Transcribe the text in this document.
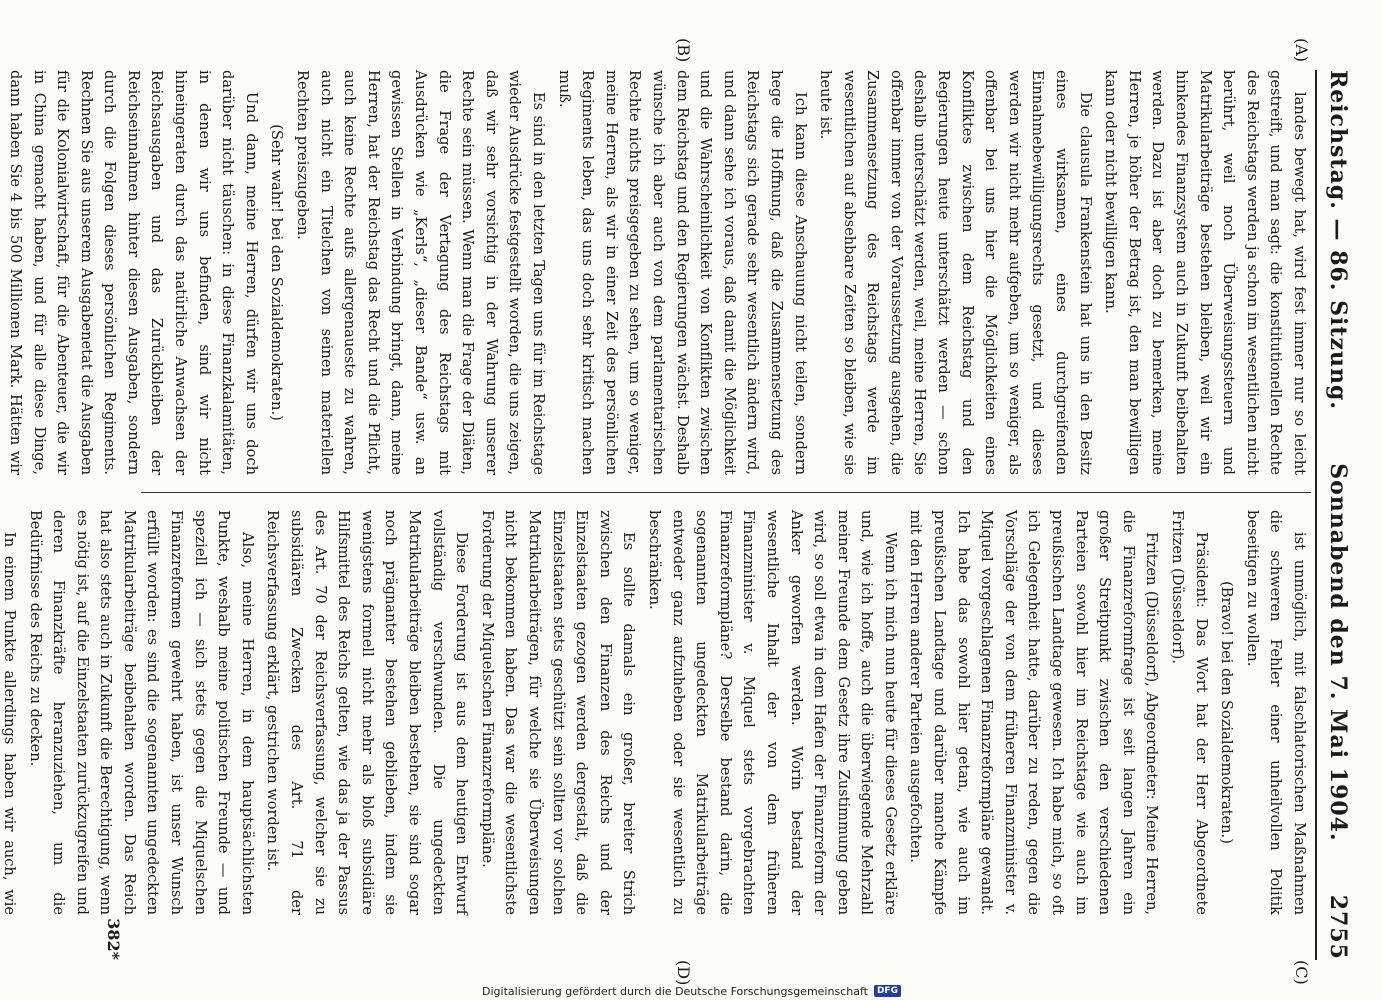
Reichstag. — 86. Sitzung.
Sonnabend den 7. Mai 1904.
2755
(A)
(B)
(C)
(D)

landes bewegt hat, wird fest immer nur so leicht gestreift, und man sagt: die konstitutionellen Rechte des Reichstags werden ja schon im wesentlichen nicht berührt, weil noch Überweisungssteuern und Matrikularbeiträge bestehen bleiben, weil wir ein hinkendes Finanzsystem auch in Zukunft beibehalten werden. Dazu ist aber doch zu bemerken, meine Herren, je höher der Betrag ist, den man bewilligen kann oder nicht bewilligen kann.

Die clausula Frankenstein hat uns in den Besitz eines wirksamen, eines durchgreifenden Einnahmebewilligungsrechts gesetzt, und dieses werden wir nicht mehr aufgeben, um so weniger, als offenbar bei uns hier die Möglichkeiten eines Konfliktes zwischen dem Reichstag und den Regierungen heute unterschätzt werden — schon deshalb unterschätzt werden, weil, meine Herren, Sie offenbar immer von der Voraussetzung ausgehen, die Zusammensetzung des Reichstags werde im wesentlichen auf absehbare Zeiten so bleiben, wie sie heute ist.

Ich kann diese Anschauung nicht teilen, sondern hege die Hoffnung, daß die Zusammensetzung des Reichstags sich gerade sehr wesentlich ändern wird, und dann sehe ich voraus, daß damit die Möglichkeit und die Wahrscheinlichkeit von Konflikten zwischen dem Reichstag und den Regierungen wächst. Deshalb wünsche ich aber auch von dem parlamentarischen Rechte nichts preisgegeben zu sehen, um so weniger, meine Herren, als wir in einer Zeit des persönlichen Regiments leben, das uns doch sehr kritisch machen muß.

Es sind in den letzten Tagen uns für im Reichstage wieder Ausdrücke festgestellt worden, die uns zeigen, daß wir sehr vorsichtig in der Wahrung unserer Rechte sein müssen. Wenn man die Frage der Diäten, die Frage der Vertagung des Reichstags mit Ausdrücken wie „Kerls“, „dieser Bande“ usw. an gewissen Stellen in Verbindung bringt, dann, meine Herren, hat der Reichstag das Recht und die Pflicht, auch keine Rechte aufs allergenaueste zu wahren, auch nicht ein Titelchen von seinen materiellen Rechten preiszugeben.

(Sehr wahr! bei den Sozialdemokraten.)

Und dann, meine Herren, dürfen wir uns doch darüber nicht täuschen: in diese Finanzkalamitäten, in denen wir uns befinden, sind wir nicht hineingeraten durch das natürliche Anwachsen der Reichsausgaben und das Zurückbleiben der Reichseinnahmen hinter diesen Ausgaben, sondern durch die Folgen dieses persönlichen Regiments. Rechnen Sie aus unserem Ausgabenetat die Ausgaben für die Kolonialwirtschaft, für die Abenteuer, die wir in China gemacht haben, und für alle diese Dinge, dann haben Sie 4 bis 500 Millionen Mark. Hätten wir

ist unmöglich, mit falschlatorischen Maßnahmen die schweren Fehler einer unheilvollen Politik beseitigen zu wollen.

(Bravo! bei den Sozialdemokraten.)

Präsident: Das Wort hat der Herr Abgeordnete Fritzen (Düsseldorf).

Fritzen (Düsseldorf), Abgeordneter: Meine Herren, die Finanzreformfrage ist seit langen Jahren ein großer Streitpunkt zwischen den verschiedenen Parteien sowohl hier im Reichstage wie auch im preußischen Landtage gewesen. Ich habe mich, so oft ich Gelegenheit hatte, darüber zu reden, gegen die Vorschläge der von dem früheren Finanzminister v. Miquel vorgeschlagenen Finanzreformpläne gewandt. Ich habe das sowohl hier getan, wie auch im preußischen Landtage und darüber manche Kämpfe mit den Herren anderer Parteien ausgefochten.

Wenn ich mich nun heute für dieses Gesetz erkläre und, wie ich hoffe, auch die überwiegende Mehrzahl meiner Freunde dem Gesetz ihre Zustimmung geben wird, so soll etwa in dem Hafen der Finanzreform der Anker geworfen werden. Worin bestand der wesentliche Inhalt der von dem früheren Finanzminister v. Miquel stets vorgebrachten Finanzreformpläne? Derselbe bestand darin, die sogenannten ungedeckten Matrikularbeiträge entweder ganz aufzuheben oder sie wesentlich zu beschränken.

Es sollte damals ein großer, breiter Strich zwischen den Finanzen des Reichs und der Einzelstaaten gezogen werden dergestalt, daß die Einzelstaaten stets geschützt sein sollten vor solchen Matrikularbeiträgen, für welche sie Überweisungen nicht bekommen haben. Das war die wesentlichste Forderung der Miquelschen Finanzreformpläne.

Diese Forderung ist aus dem heutigen Entwurf vollständig verschwunden. Die ungedeckten Matrikularbeiträge bleiben bestehen, sie sind sogar noch prägnanter bestehen geblieben, indem sie wenigstens formell nicht mehr als bloß subsidiäre Hilfsmittel des Reichs gelten, wie das ja der Passus des Art. 70 der Reichsverfassung, welcher sie zu subsidiären Zwecken des Art. 71 der Reichsverfassung erklärt, gestrichen worden ist.

Also, meine Herren, in dem hauptsächlichsten Punkte, weshalb meine politischen Freunde — und speziell ich — sich stets gegen die Miquelschen Finanzreformen gewehrt haben, ist unser Wunsch erfüllt worden: es sind die sogenannten ungedeckten Matrikularbeiträge beibehalten worden. Das Reich hat also stets auch in Zukunft die Berechtigung, wenn es nötig ist, auf die Einzelstaaten zurückzugreifen und deren Finanzkräfte heranzuziehen, um die Bedürfnisse des Reichs zu decken.

In einem Punkte allerdings haben wir auch, wie

382*
Digitalisierung gefördert durch die Deutsche Forschungsgemeinschaft	DFG
